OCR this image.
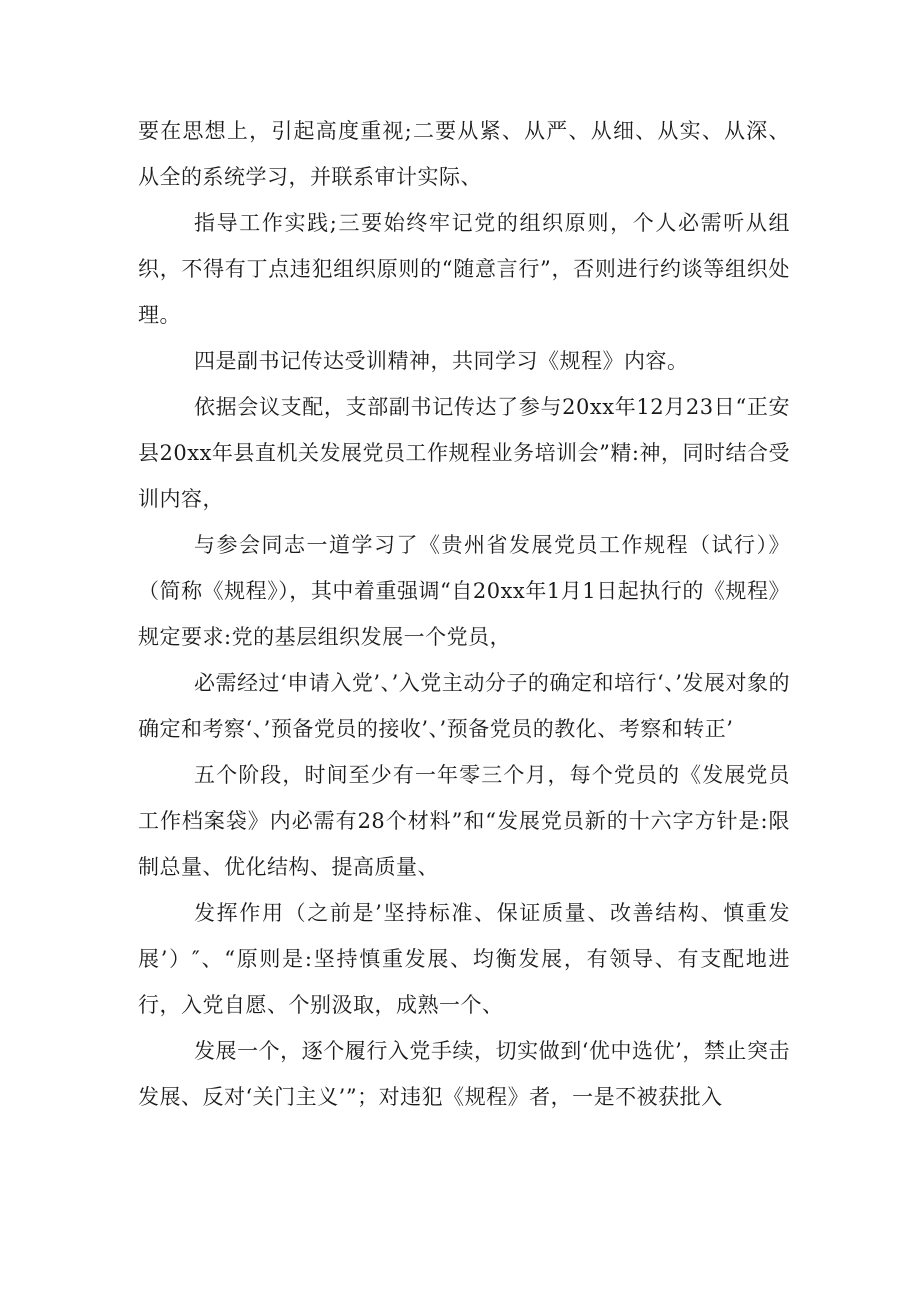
要在思想上，引起高度重视;二要从紧、从严、从细、从实、从深、从全的系统学习，并联系审计实际、

指导工作实践;三要始终牢记党的组织原则，个人必需听从组织，不得有丁点违犯组织原则的“随意言行”，否则进行约谈等组织处理。

四是副书记传达受训精神，共同学习《规程》内容。

依据会议支配，支部副书记传达了参与20xx年12月23日“正安县20xx年县直机关发展党员工作规程业务培训会”精:神，同时结合受训内容，

与参会同志一道学习了《贵州省发展党员工作规程（试行）》（简称《规程》），其中着重强调“自20xx年1月1日起执行的《规程》规定要求:党的基层组织发展一个党员，

必需经过‘申请入党’、’入党主动分子的确定和培行‘、’发展对象的确定和考察‘、’预备党员的接收’、’预备党员的教化、考察和转正’

五个阶段，时间至少有一年零三个月，每个党员的《发展党员工作档案袋》内必需有28个材料”和“发展党员新的十六字方针是:限制总量、优化结构、提高质量、

发挥作用（之前是’坚持标准、保证质量、改善结构、慎重发展’）″、“原则是:坚持慎重发展、均衡发展，有领导、有支配地进行，入党自愿、个别汲取，成熟一个、

发展一个，逐个履行入党手续，切实做到‘优中选优’，禁止突击发展、反对‘关门主义’”；对违犯《规程》者，一是不被获批入
